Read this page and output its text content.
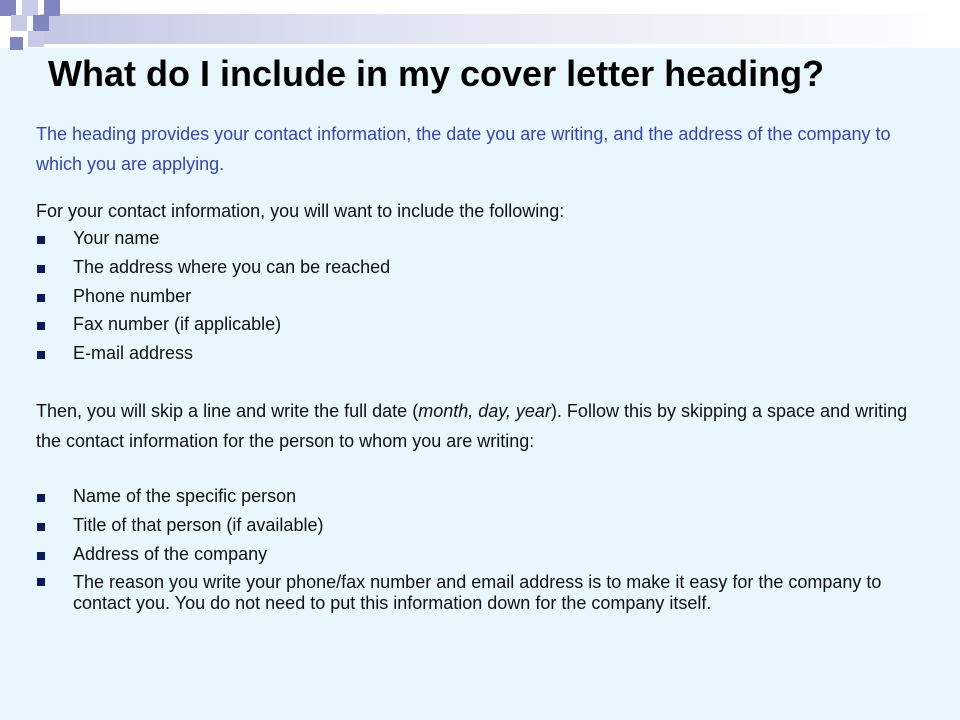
What do I include in my cover letter heading?
The heading provides your contact information, the date you are writing, and the address of the company to which you are applying.
For your contact information, you will want to include the following:
Your name
The address where you can be reached
Phone number
Fax number (if applicable)
E-mail address
Then, you will skip a line and write the full date (month, day, year). Follow this by skipping a space and writing the contact information for the person to whom you are writing:
Name of the specific person
Title of that person (if available)
Address of the company
The reason you write your phone/fax number and email address is to make it easy for the company to contact you. You do not need to put this information down for the company itself.
